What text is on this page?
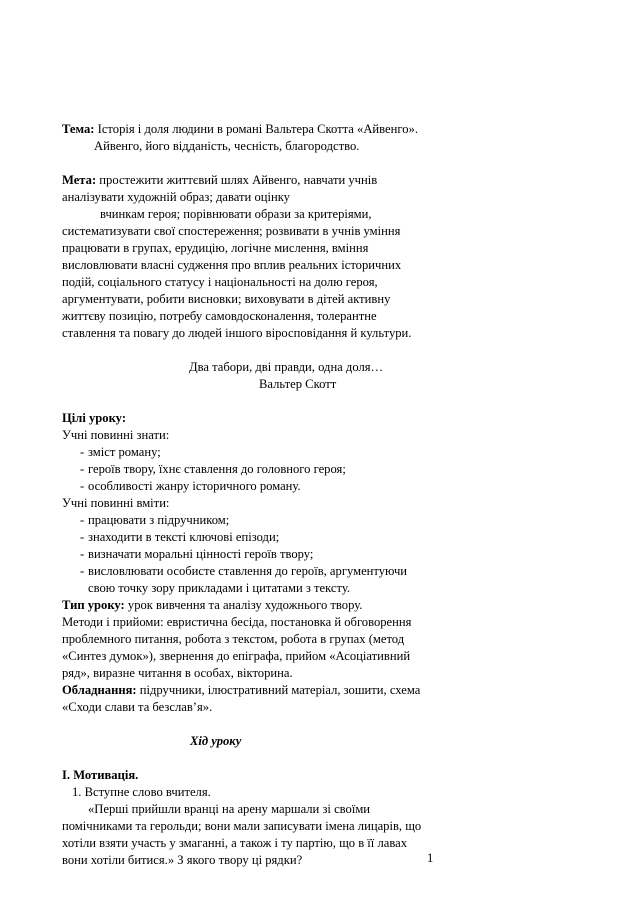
Тема: Історія і доля людини в романі Вальтера Скотта «Айвенго».

Айвенго, його відданість, чесність, благородство.

Мета: простежити життєвий шлях Айвенго, навчати учнів

аналізувати художній образ; давати оцінку

вчинкам героя; порівнювати образи за критеріями,

систематизувати свої спостереження; розвивати в учнів уміння

працювати в групах, ерудицію, логічне мислення, вміння

висловлювати власні судження про вплив реальних історичних

подій, соціального статусу і національності на долю героя,

аргументувати, робити висновки; виховувати в дітей активну

життєву позицію, потребу самовдосконалення, толерантне

ставлення та повагу до людей іншого віросповідання й культури.

Два табори, дві правди, одна доля…

Вальтер Скотт

Цілі уроку:

Учні повинні знати:

- зміст роману;

- героїв твору, їхнє ставлення до головного героя;

- особливості жанру історичного роману.

Учні повинні вміти:

- працювати з підручником;

- знаходити в тексті ключові епізоди;

- визначати моральні цінності героїв твору;

- висловлювати особисте ставлення до героїв, аргументуючи

свою точку зору прикладами і цитатами з тексту.

Тип уроку: урок вивчення та аналізу художнього твору.

Методи і прийоми: евристична бесіда, постановка й обговорення

проблемного питання, робота з текстом, робота в групах (метод

«Синтез думок»), звернення до епіграфа, прийом «Асоціативний

ряд», виразне читання в особах, вікторина.

Обладнання: підручники, ілюстративний матеріал, зошити, схема

«Сходи слави та безслав’я».

Хід уроку

I. Мотивація.

1. Вступне слово вчителя.

«Перші прийшли вранці на арену маршали зі своїми

помічниками та герольди; вони мали записувати імена лицарів, що

хотіли взяти участь у змаганні, а також і ту партію, що в її лавах

вони хотіли битися.» З якого твору ці рядки?	1
